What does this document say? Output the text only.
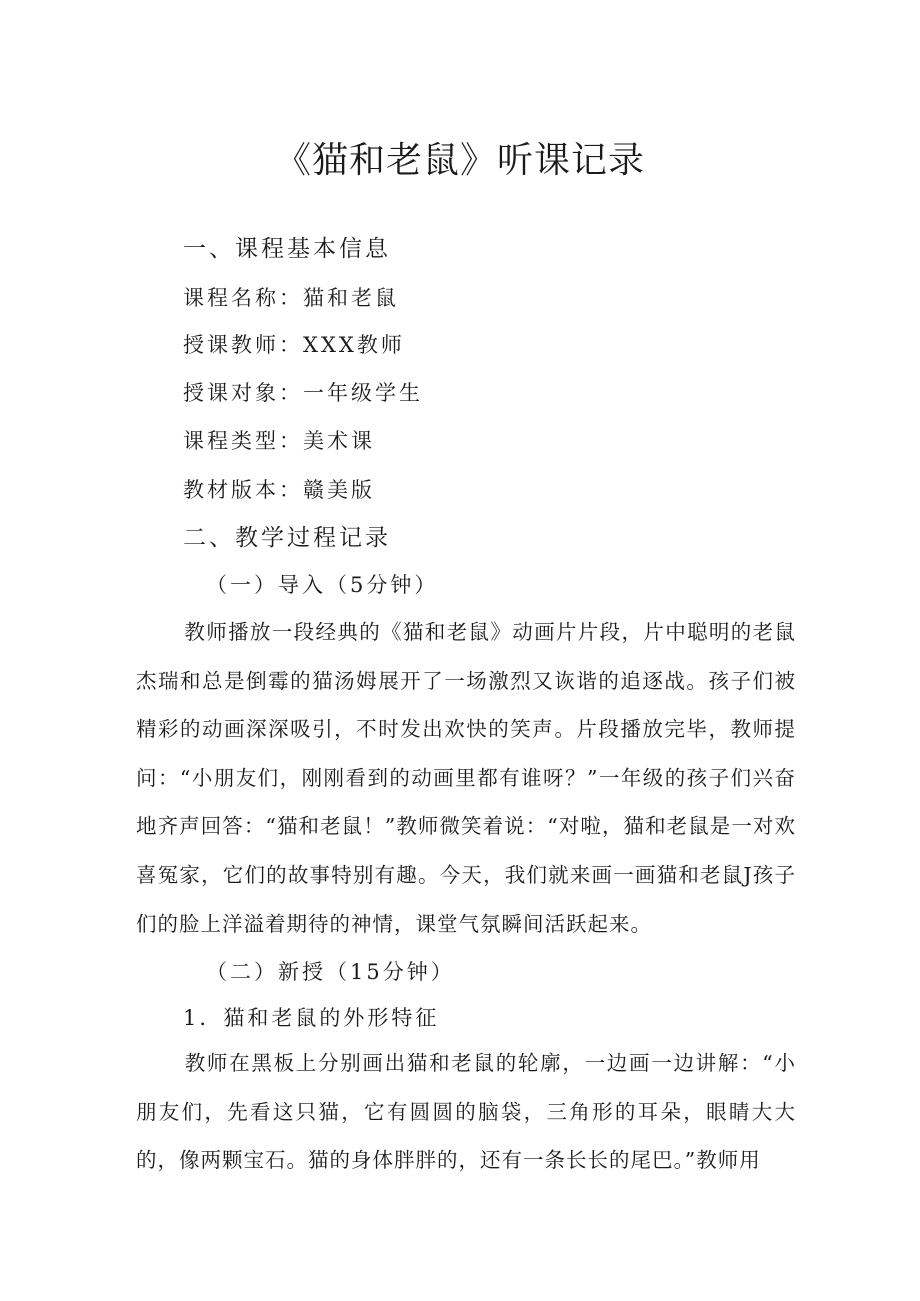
《猫和老鼠》听课记录

一、课程基本信息

课程名称：猫和老鼠

授课教师：XXX教师

授课对象：一年级学生

课程类型：美术课

教材版本：赣美版

二、教学过程记录

（一）导入（5分钟）

教师播放一段经典的《猫和老鼠》动画片片段，片中聪明的老鼠杰瑞和总是倒霉的猫汤姆展开了一场激烈又诙谐的追逐战。孩子们被精彩的动画深深吸引，不时发出欢快的笑声。片段播放完毕，教师提问：“小朋友们，刚刚看到的动画里都有谁呀？”一年级的孩子们兴奋地齐声回答：“猫和老鼠！”教师微笑着说：“对啦，猫和老鼠是一对欢喜冤家，它们的故事特别有趣。今天，我们就来画一画猫和老鼠J孩子们的脸上洋溢着期待的神情，课堂气氛瞬间活跃起来。

（二）新授（15分钟）

1．猫和老鼠的外形特征

教师在黑板上分别画出猫和老鼠的轮廓，一边画一边讲解：“小朋友们，先看这只猫，它有圆圆的脑袋，三角形的耳朵，眼睛大大的，像两颗宝石。猫的身体胖胖的，还有一条长长的尾巴。”教师用
